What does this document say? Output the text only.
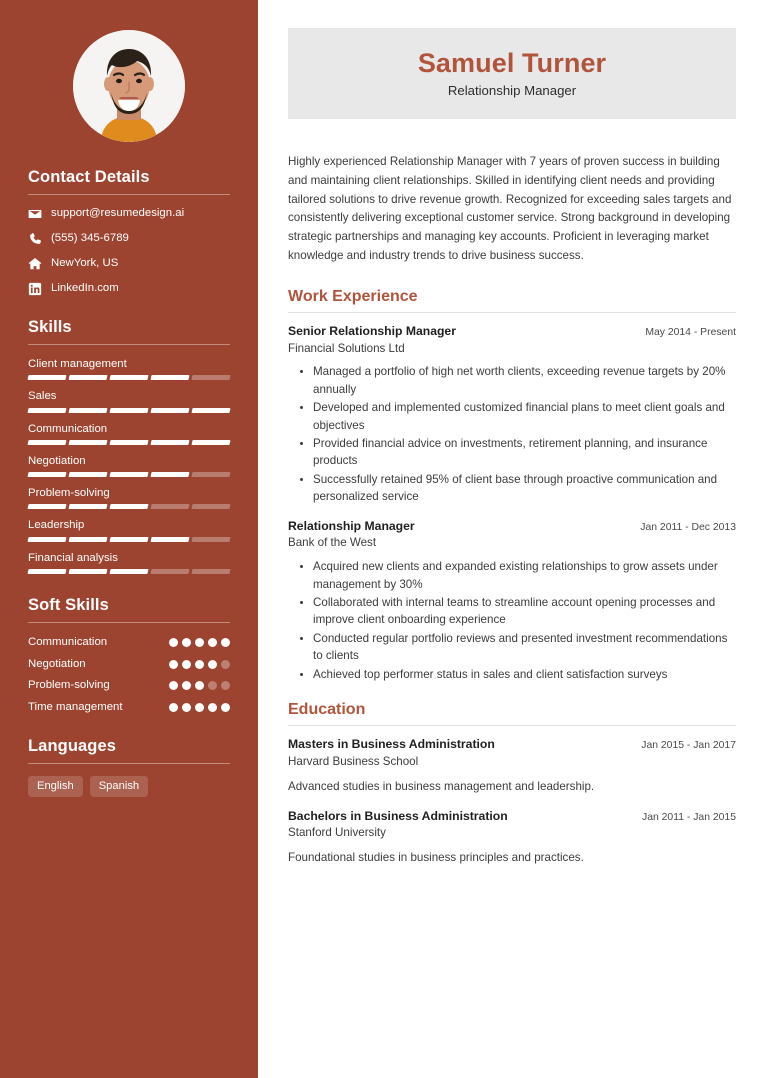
Contact Details
support@resumedesign.ai
(555) 345-6789
NewYork, US
LinkedIn.com
Skills
Client management
Sales
Communication
Negotiation
Problem-solving
Leadership
Financial analysis
Soft Skills
Communication
Negotiation
Problem-solving
Time management
Languages
English	Spanish
Samuel Turner
Relationship Manager

Highly experienced Relationship Manager with 7 years of proven success in building and maintaining client relationships. Skilled in identifying client needs and providing tailored solutions to drive revenue growth. Recognized for exceeding sales targets and consistently delivering exceptional customer service. Strong background in developing strategic partnerships and managing key accounts. Proficient in leveraging market knowledge and industry trends to drive business success.

Work Experience
Senior Relationship Manager	May 2014 - Present
Financial Solutions Ltd
• Managed a portfolio of high net worth clients, exceeding revenue targets by 20% annually
• Developed and implemented customized financial plans to meet client goals and objectives
• Provided financial advice on investments, retirement planning, and insurance products
• Successfully retained 95% of client base through proactive communication and personalized service
Relationship Manager	Jan 2011 - Dec 2013
Bank of the West
• Acquired new clients and expanded existing relationships to grow assets under management by 30%
• Collaborated with internal teams to streamline account opening processes and improve client onboarding experience
• Conducted regular portfolio reviews and presented investment recommendations to clients
• Achieved top performer status in sales and client satisfaction surveys
Education
Masters in Business Administration	Jan 2015 - Jan 2017
Harvard Business School
Advanced studies in business management and leadership.
Bachelors in Business Administration	Jan 2011 - Jan 2015
Stanford University
Foundational studies in business principles and practices.
